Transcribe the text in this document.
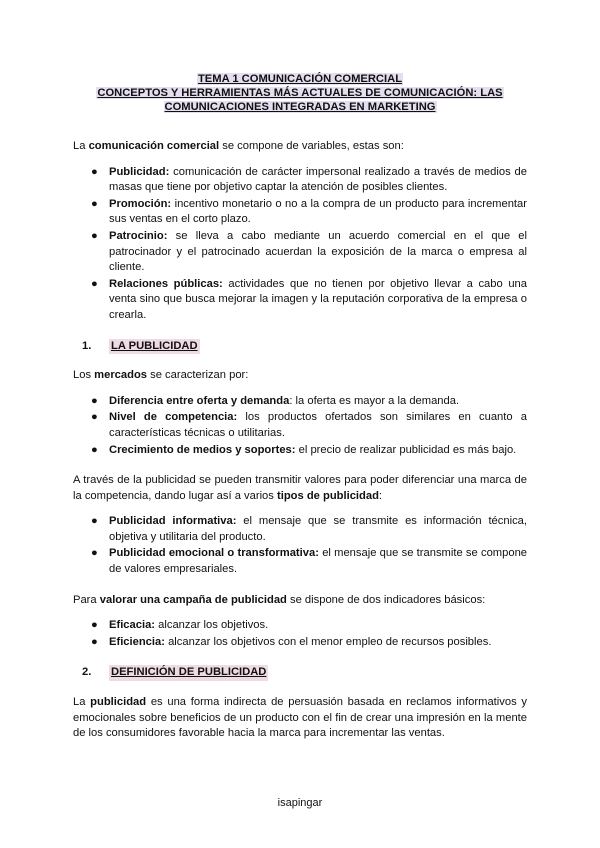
TEMA 1 COMUNICACIÓN COMERCIAL
CONCEPTOS Y HERRAMIENTAS MÁS ACTUALES DE COMUNICACIÓN: LAS
COMUNICACIONES INTEGRADAS EN MARKETING

La comunicación comercial se compone de variables, estas son:

● Publicidad: comunicación de carácter impersonal realizado a través de medios de masas que tiene por objetivo captar la atención de posibles clientes.
● Promoción: incentivo monetario o no a la compra de un producto para incrementar sus ventas en el corto plazo.
● Patrocinio: se lleva a cabo mediante un acuerdo comercial en el que el patrocinador y el patrocinado acuerdan la exposición de la marca o empresa al cliente.
● Relaciones públicas: actividades que no tienen por objetivo llevar a cabo una venta sino que busca mejorar la imagen y la reputación corporativa de la empresa o crearla.
1.	LA PUBLICIDAD

Los mercados se caracterizan por:

● Diferencia entre oferta y demanda: la oferta es mayor a la demanda.
● Nivel de competencia: los productos ofertados son similares en cuanto a características técnicas o utilitarias.
● Crecimiento de medios y soportes: el precio de realizar publicidad es más bajo.

A través de la publicidad se pueden transmitir valores para poder diferenciar una marca de la competencia, dando lugar así a varios tipos de publicidad:

● Publicidad informativa: el mensaje que se transmite es información técnica, objetiva y utilitaria del producto.
● Publicidad emocional o transformativa: el mensaje que se transmite se compone de valores empresariales.

Para valorar una campaña de publicidad se dispone de dos indicadores básicos:

● Eficacia: alcanzar los objetivos.
● Eficiencia: alcanzar los objetivos con el menor empleo de recursos posibles.
2.	DEFINICIÓN DE PUBLICIDAD

La publicidad es una forma indirecta de persuasión basada en reclamos informativos y emocionales sobre beneficios de un producto con el fin de crear una impresión en la mente de los consumidores favorable hacia la marca para incrementar las ventas.

isapingar
